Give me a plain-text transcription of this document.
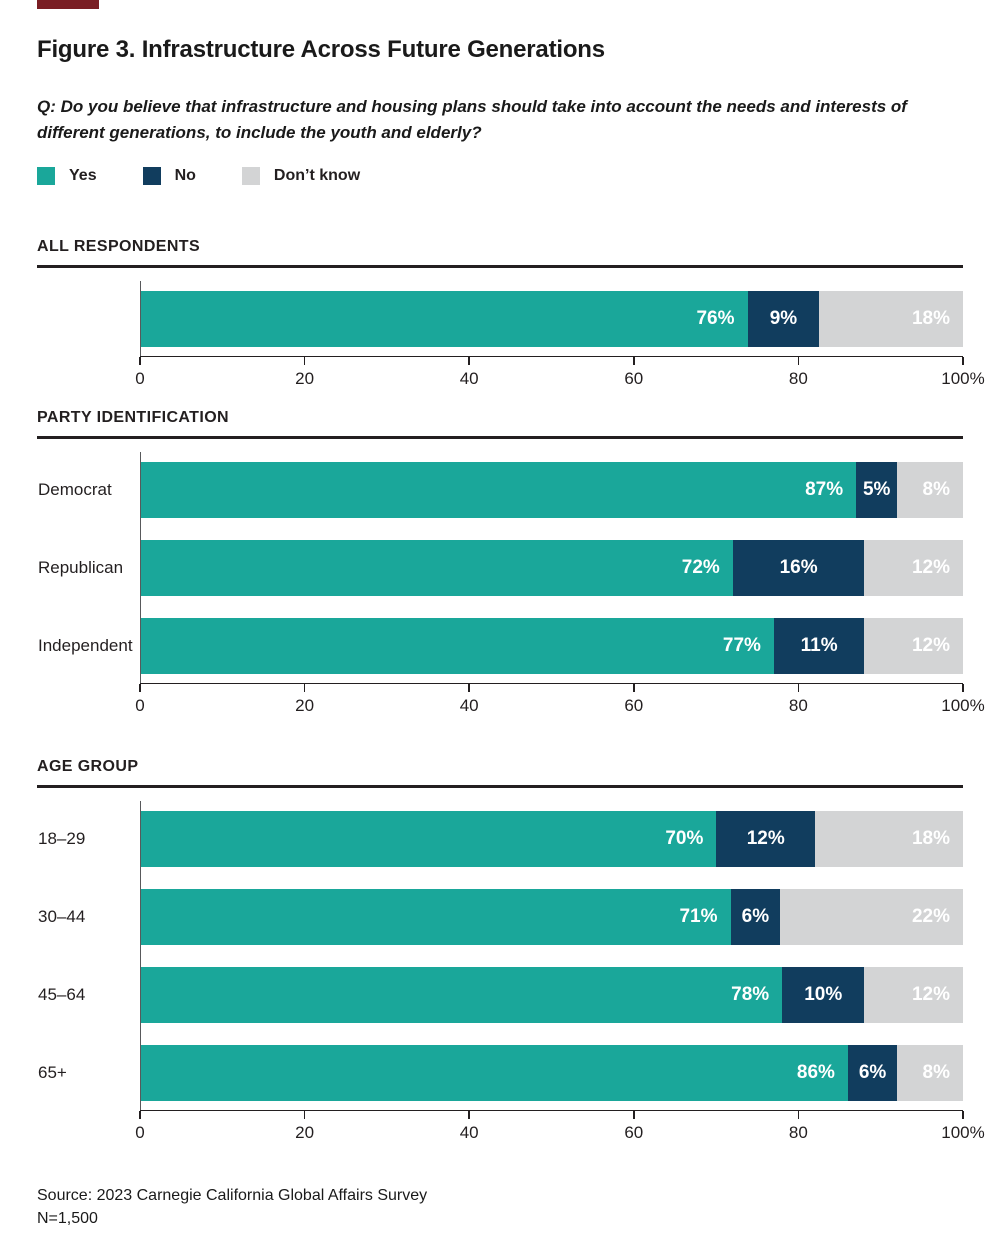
Figure 3. Infrastructure Across Future Generations

Q: Do you believe that infrastructure and housing plans should take into account the needs and interests of different generations, to include the youth and elderly?

Yes	No	Don’t know
ALL RESPONDENTS
76% 9%	18%
0	20	40	60	80	100%
PARTY IDENTIFICATION
Democrat	87% 5% 8%
Republican	72%	16%	12%
Independent	77% 11%	12%
0	20	40	60	80	100%
AGE GROUP
18–29	70% 12%	18%
30–44	71% 6%	22%
45–64	78% 10%	12%
65+	86% 6% 8%
0	20	40	60	80	100%
Source: 2023 Carnegie California Global Affairs Survey
N=1,500
